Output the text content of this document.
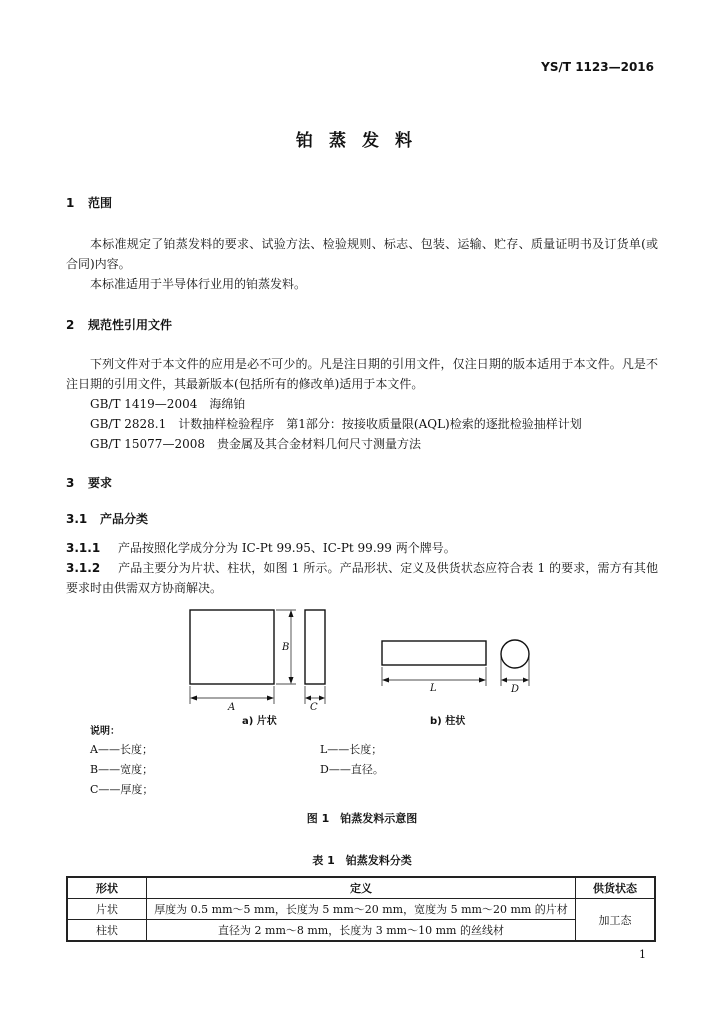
YS/T 1123—2016
铂蒸发料
1 范围
本标准规定了铂蒸发料的要求、试验方法、检验规则、标志、包装、运输、贮存、质量证明书及订货单(或合同)内容。
本标准适用于半导体行业用的铂蒸发料。
2 规范性引用文件
下列文件对于本文件的应用是必不可少的。凡是注日期的引用文件，仅注日期的版本适用于本文件。凡是不注日期的引用文件，其最新版本(包括所有的修改单)适用于本文件。
GB/T 1419—2004　海绵铂
GB/T 2828.1　计数抽样检验程序　第1部分：按接收质量限(AQL)检索的逐批检验抽样计划
GB/T 15077—2008　贵金属及其合金材料几何尺寸测量方法
3 要求
3.1 产品分类
3.1.1 产品按照化学成分分为 IC-Pt 99.95、IC-Pt 99.99 两个牌号。
3.1.2 产品主要分为片状、柱状，如图 1 所示。产品形状、定义及供货状态应符合表 1 的要求，需方有其他要求时由供需双方协商解决。
B
A	C
L	D
a) 片状	b) 柱状
说明：
A——长度；
B——宽度；
C——厚度；
L——长度；
D——直径。
图 1　铂蒸发料示意图
表 1　铂蒸发料分类
形状	定义	供货状态
片状	厚度为 0.5 mm～5 mm，长度为 5 mm～20 mm，宽度为 5 mm～20 mm 的片材	加工态
柱状	直径为 2 mm～8 mm，长度为 3 mm～10 mm 的丝线材	
1
